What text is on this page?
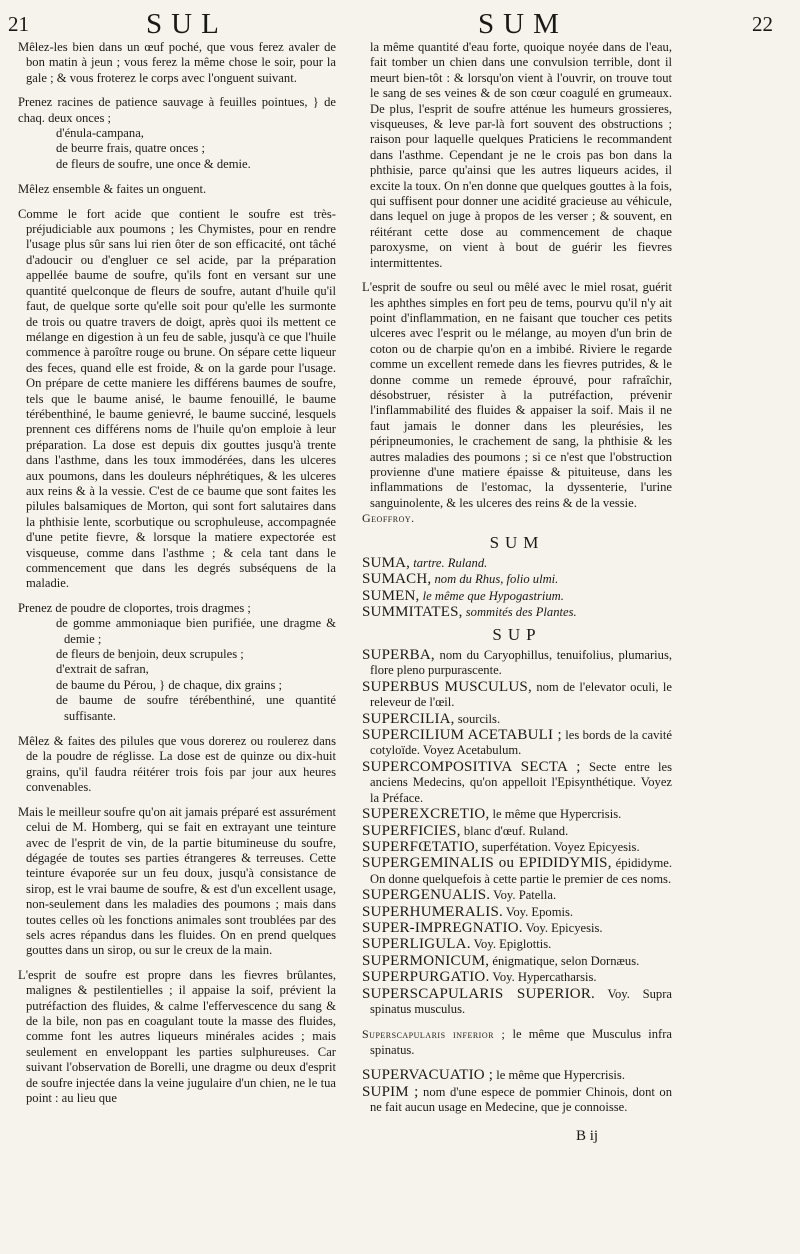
21	SUL	SUM	22

Mêlez-les bien dans un œuf poché, que vous ferez avaler de bon matin à jeun ; vous ferez la même chose le soir, pour la gale ; & vous froterez le corps avec l'onguent suivant.

Prenez racines de patience sauvage à feuilles pointues, } de chaq. deux onces ;
d'énula-campana,
de beurre frais, quatre onces ;
de fleurs de soufre, une once & demie.

Mêlez ensemble & faites un onguent.

Comme le fort acide que contient le soufre est très-préjudiciable aux poumons ; les Chymistes, pour en rendre l'usage plus sûr sans lui rien ôter de son efficacité, ont tâché d'adoucir ou d'engluer ce sel acide, par la préparation appellée baume de soufre, qu'ils font en versant sur une quantité quelconque de fleurs de soufre, autant d'huile qu'il faut, de quelque sorte qu'elle soit pour qu'elle les surmonte de trois ou quatre travers de doigt, après quoi ils mettent ce mélange en digestion à un feu de sable, jusqu'à ce que l'huile commence à paroître rouge ou brune. On sépare cette liqueur des feces, quand elle est froide, & on la garde pour l'usage. On prépare de cette maniere les différens baumes de soufre, tels que le baume anisé, le baume fenouillé, le baume térébenthiné, le baume genievré, le baume succiné, lesquels prennent ces différens noms de l'huile qu'on emploie à leur préparation. La dose est depuis dix gouttes jusqu'à trente dans l'asthme, dans les toux immodérées, dans les ulceres aux poumons, dans les douleurs néphrétiques, & les ulceres aux reins & à la vessie. C'est de ce baume que sont faites les pilules balsamiques de Morton, qui sont fort salutaires dans la phthisie lente, scorbutique ou scrophuleuse, accompagnée d'une petite fievre, & lorsque la matiere expectorée est visqueuse, comme dans l'asthme ; & cela tant dans le commencement que dans les degrés subséquens de la maladie.

Prenez de poudre de cloportes, trois dragmes ;
de gomme ammoniaque bien purifiée, une dragme & demie ;
de fleurs de benjoin, deux scrupules ;
d'extrait de safran,
de baume du Pérou, } de chaque, dix grains ;
de baume de soufre térébenthiné, une quantité suffisante.

Mêlez & faites des pilules que vous dorerez ou roulerez dans de la poudre de réglisse. La dose est de quinze ou dix-huit grains, qu'il faudra réitérer trois fois par jour aux heures convenables.

Mais le meilleur soufre qu'on ait jamais préparé est assurément celui de M. Homberg, qui se fait en extrayant une teinture avec de l'esprit de vin, de la partie bitumineuse du soufre, dégagée de toutes ses parties étrangeres & terreuses. Cette teinture évaporée sur un feu doux, jusqu'à consistance de sirop, est le vrai baume de soufre, & est d'un excellent usage, non-seulement dans les maladies des poumons ; mais dans toutes celles où les fonctions animales sont troublées par des sels acres répandus dans les fluides. On en prend quelques gouttes dans un sirop, ou sur le creux de la main.

L'esprit de soufre est propre dans les fievres brûlantes, malignes & pestilentielles ; il appaise la soif, prévient la putréfaction des fluides, & calme l'effervescence du sang & de la bile, non pas en coagulant toute la masse des fluides, comme font les autres liqueurs minérales acides ; mais seulement en enveloppant les parties sulphureuses. Car suivant l'observation de Borelli, une dragme ou deux d'esprit de soufre injectée dans la veine jugulaire d'un chien, ne le tua point : au lieu que

la même quantité d'eau forte, quoique noyée dans de l'eau, fait tomber un chien dans une convulsion terrible, dont il meurt bien-tôt : & lorsqu'on vient à l'ouvrir, on trouve tout le sang de ses veines & de son cœur coagulé en grumeaux. De plus, l'esprit de soufre atténue les humeurs grossieres, visqueuses, & leve par-là fort souvent des obstructions ; raison pour laquelle quelques Praticiens le recommandent dans l'asthme. Cependant je ne le crois pas bon dans la phthisie, parce qu'ainsi que les autres liqueurs acides, il excite la toux. On n'en donne que quelques gouttes à la fois, qui suffisent pour donner une acidité gracieuse au véhicule, dans lequel on juge à propos de les verser ; & souvent, en réitérant cette dose au commencement de chaque paroxysme, on vient à bout de guérir les fievres intermittentes.

L'esprit de soufre ou seul ou mêlé avec le miel rosat, guérit les aphthes simples en fort peu de tems, pourvu qu'il n'y ait point d'inflammation, en ne faisant que toucher ces petits ulceres avec l'esprit ou le mélange, au moyen d'un brin de coton ou de charpie qu'on en a imbibé. Riviere le regarde comme un excellent remede dans les fievres putrides, & le donne comme un remede éprouvé, pour rafraîchir, désobstruer, résister à la putréfaction, prévenir l'inflammabilité des fluides & appaiser la soif. Mais il ne faut jamais le donner dans les pleurésies, les péripneumonies, le crachement de sang, la phthisie & les autres maladies des poumons ; si ce n'est que l'obstruction provienne d'une matiere épaisse & pituiteuse, dans les inflammations de l'estomac, la dyssenterie, l'urine sanguinolente, & les ulceres des reins & de la vessie.

Geoffroy.
SUM
SUMA, tartre. Ruland.
SUMACH, nom du Rhus, folio ulmi.
SUMEN, le même que Hypogastrium.
SUMMITATES, sommités des Plantes.
SUP
SUPERBA, nom du Caryophillus, tenuifolius, plumarius, flore pleno purpurascente.
SUPERBUS MUSCULUS, nom de l'elevator oculi, le releveur de l'œil.
SUPERCILIA, sourcils.
SUPERCILIUM ACETABULI ; les bords de la cavité cotyloïde. Voyez Acetabulum.
SUPERCOMPOSITIVA SECTA ; Secte entre les anciens Medecins, qu'on appelloit l'Episynthétique. Voyez la Préface.
SUPEREXCRETIO, le même que Hypercrisis.
SUPERFICIES, blanc d'œuf. Ruland.
SUPERFŒTATIO, superfétation. Voyez Epicyesis.
SUPERGEMINALIS ou EPIDIDYMIS, épididyme. On donne quelquefois à cette partie le premier de ces noms.
SUPERGENUALIS. Voy. Patella.
SUPERHUMERALIS. Voy. Epomis.
SUPER-IMPREGNATIO. Voy. Epicyesis.
SUPERLIGULA. Voy. Epiglottis.
SUPERMONICUM, énigmatique, selon Dornæus.
SUPERPURGATIO. Voy. Hypercatharsis.
SUPERSCAPULARIS SUPERIOR. Voy. Supra spinatus musculus.
Superscapularis inferior ; le même que Musculus infra spinatus.
SUPERVACUATIO ; le même que Hypercrisis.
SUPIM ; nom d'une espece de pommier Chinois, dont on ne fait aucun usage en Medecine, que je connoisse.
B ij
